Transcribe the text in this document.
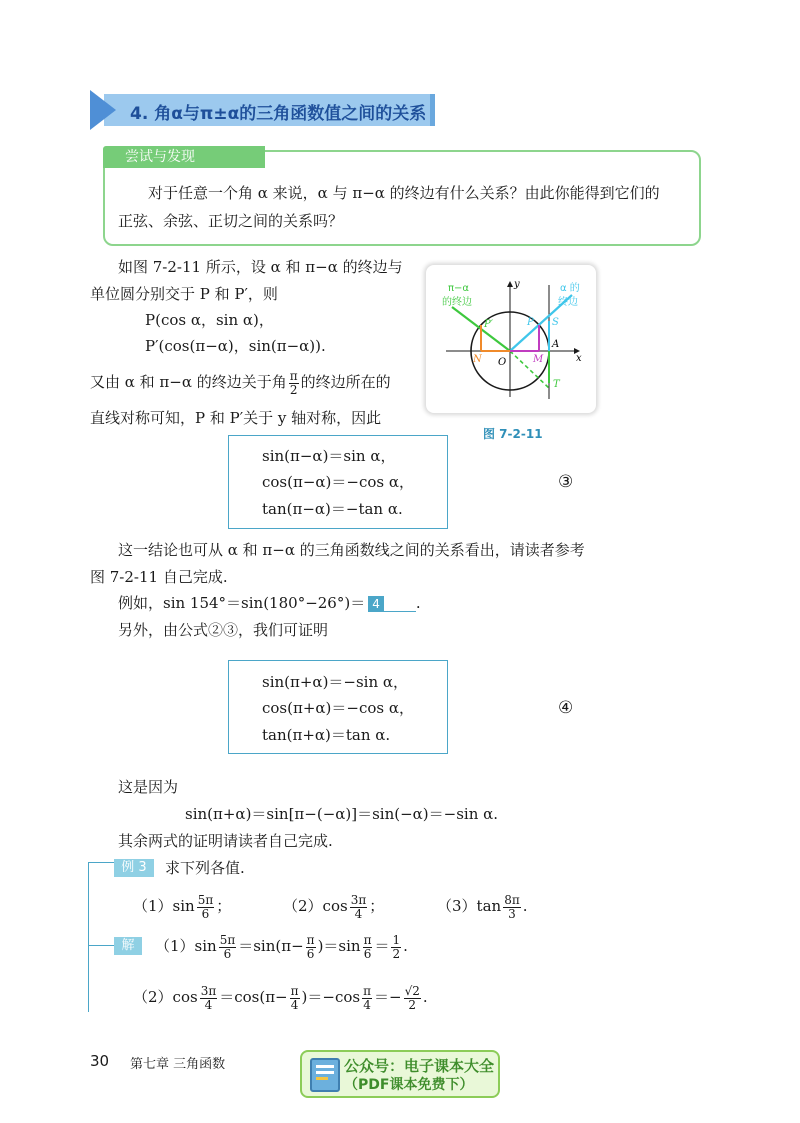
4. 角α与π±α的三角函数值之间的关系
尝试与发现
对于任意一个角 α 来说，α 与 π−α 的终边有什么关系？由此你能得到它们的
正弦、余弦、正切之间的关系吗？
如图 7-2-11 所示，设 α 和 π−α 的终边与
单位圆分别交于 P 和 P′，则
P(cos α，sin α)，
P′(cos(π−α)，sin(π−α)).
又由 α 和 π−α 的终边关于角 $\frac{\pi}{2}$ 的终边所在的
直线对称可知，P 和 P′关于 y 轴对称，因此
π−α
的终边
α 的
终边
y
x
O
P
P′	S
A
M
N
T
图 7-2-11
sin(π−α)＝sin α，
cos(π−α)＝−cos α，
tan(π−α)＝−tan α.
③
这一结论也可从 α 和 π−α 的三角函数线之间的关系看出，请读者参考
图 7-2-11 自己完成.
例如，sin 154°＝sin(180°−26°)＝ 4 .
另外，由公式②③，我们可证明
sin(π+α)＝−sin α，
cos(π+α)＝−cos α，
tan(π+α)＝tan α.
④
这是因为
sin(π+α)＝sin[π−(−α)]＝sin(−α)＝−sin α.
其余两式的证明请读者自己完成.
例 3	求下列各值.
$(1)\sin \frac{5\pi}{6}$ ；	$(2)\cos \frac{3\pi}{4}$ ；	$(3)\tan \frac{8\pi}{3}$ .
解	$(1)\sin \frac{5\pi}{6} =\sin(\pi- \frac{\pi}{6} )=\sin \frac{\pi}{6} = \frac{1}{2}$ .
$(2)\cos \frac{3\pi}{4} =\cos(\pi- \frac{\pi}{4} )=-\cos \frac{\pi}{4} =- \frac{√2}{2}$ .
30 第七章 三角函数	公众号：电子课本大全
（PDF课本免费下）
